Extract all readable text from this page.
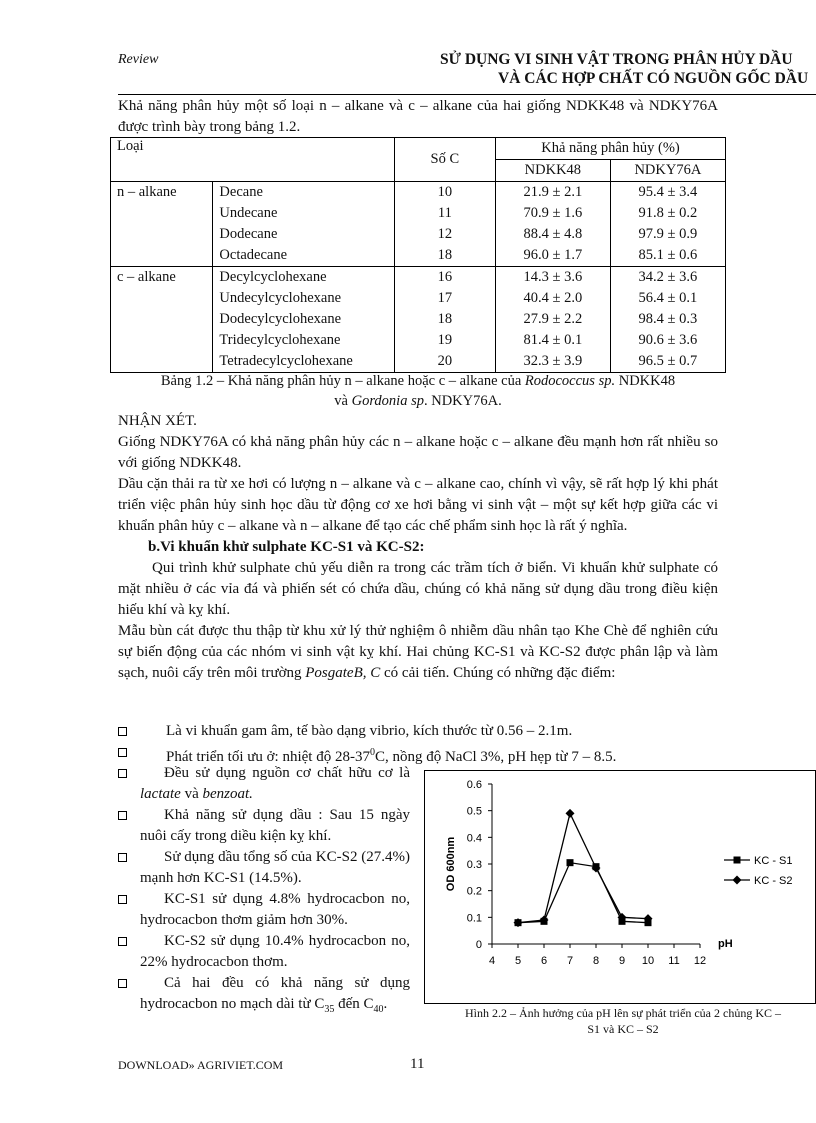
Review	SỬ DỤNG VI SINH VẬT TRONG PHÂN HỦY DẦU
VÀ CÁC HỢP CHẤT CÓ NGUỒN GỐC DẦU
Khả năng phân hủy một số loại n – alkane và c – alkane của hai giống NDKK48 và NDKY76A được trình bày trong bảng 1.2.
Loại		Số C	Khả năng phân hủy (%)	
			NDKK48	NDKY76A
n – alkane	Decane	10	21.9 ± 2.1	95.4 ± 3.4
	Undecane	11	70.9 ± 1.6	91.8 ± 0.2
	Dodecane	12	88.4 ± 4.8	97.9 ± 0.9
	Octadecane	18	96.0 ± 1.7	85.1 ± 0.6
c – alkane	Decylcyclohexane	16	14.3 ± 3.6	34.2 ± 3.6
	Undecylcyclohexane	17	40.4 ± 2.0	56.4 ± 0.1
	Dodecylcyclohexane	18	27.9 ± 2.2	98.4 ± 0.3
	Tridecylcyclohexane	19	81.4 ± 0.1	90.6 ± 3.6
	Tetradecylcyclohexane	20	32.3 ± 3.9	96.5 ± 0.7
Bảng 1.2 – Khả năng phân hủy n – alkane hoặc c – alkane của Rodococcus sp. NDKK48
và Gordonia sp. NDKY76A.
NHẬN XÉT.
Giống NDKY76A có khả năng phân hủy các n – alkane hoặc c – alkane đều mạnh hơn rất nhiều so với giống NDKK48.
Dầu cặn thải ra từ xe hơi có lượng n – alkane và c – alkane cao, chính vì vậy, sẽ rất hợp lý khi phát triển việc phân hủy sinh học dầu từ động cơ xe hơi bằng vi sinh vật – một sự kết hợp giữa các vi khuẩn phân hủy c – alkane và n – alkane để tạo các chế phẩm sinh học là rất ý nghĩa.
b.Vi khuẩn khử sulphate KC-S1 và KC-S2:
Qui trình khử sulphate chủ yếu diễn ra trong các trầm tích ở biển. Vi khuẩn khử sulphate có mặt nhiều ở các vỉa đá và phiến sét có chứa dầu, chúng có khả năng sử dụng dầu trong điều kiện hiếu khí và kỵ khí.
Mẫu bùn cát được thu thập từ khu xử lý thử nghiệm ô nhiễm dầu nhân tạo Khe Chè để nghiên cứu sự biến động của các nhóm vi sinh vật kỵ khí. Hai chủng KC-S1 và KC-S2 được phân lập và làm sạch, nuôi cấy trên môi trường PosgateB, C có cải tiến. Chúng có những đặc điểm:
Là vi khuẩn gam âm, tế bào dạng vibrio, kích thước từ 0.56 – 2.1m.
Phát triển tối ưu ở: nhiệt độ $28-37^0C$, nồng độ NaCl 3%, pH hẹp từ 7 – 8.5.
Đều sử dụng nguồn cơ chất hữu cơ là lactate và benzoat.
Khả năng sử dụng dầu : Sau 15 ngày nuôi cấy trong diều kiện kỵ khí.
Sử dụng dầu tổng số của KC-S2 (27.4%) mạnh hơn KC-S1 (14.5%).
KC-S1 sử dụng 4.8% hydrocacbon no, hydrocacbon thơm giảm hơn 30%.
KC-S2 sử dụng 10.4% hydrocacbon no, 22% hydrocacbon thơm.
Cả hai đều có khả năng sử dụng hydrocacbon no mạch dài từ $C_{35}$ đến $C_{40}$.
0
0.1
0.2
0.3
0.4
0.5
0.6
4 5 6 7 8 9 10 11 12
OD 600nm
pH
KC - S1
KC - S2
Hình 2.2 – Ảnh hưởng của pH lên sự phát triển của 2 chủng KC – S1 và KC – S2
DOWNLOAD» AGRIVIET.COM	11
